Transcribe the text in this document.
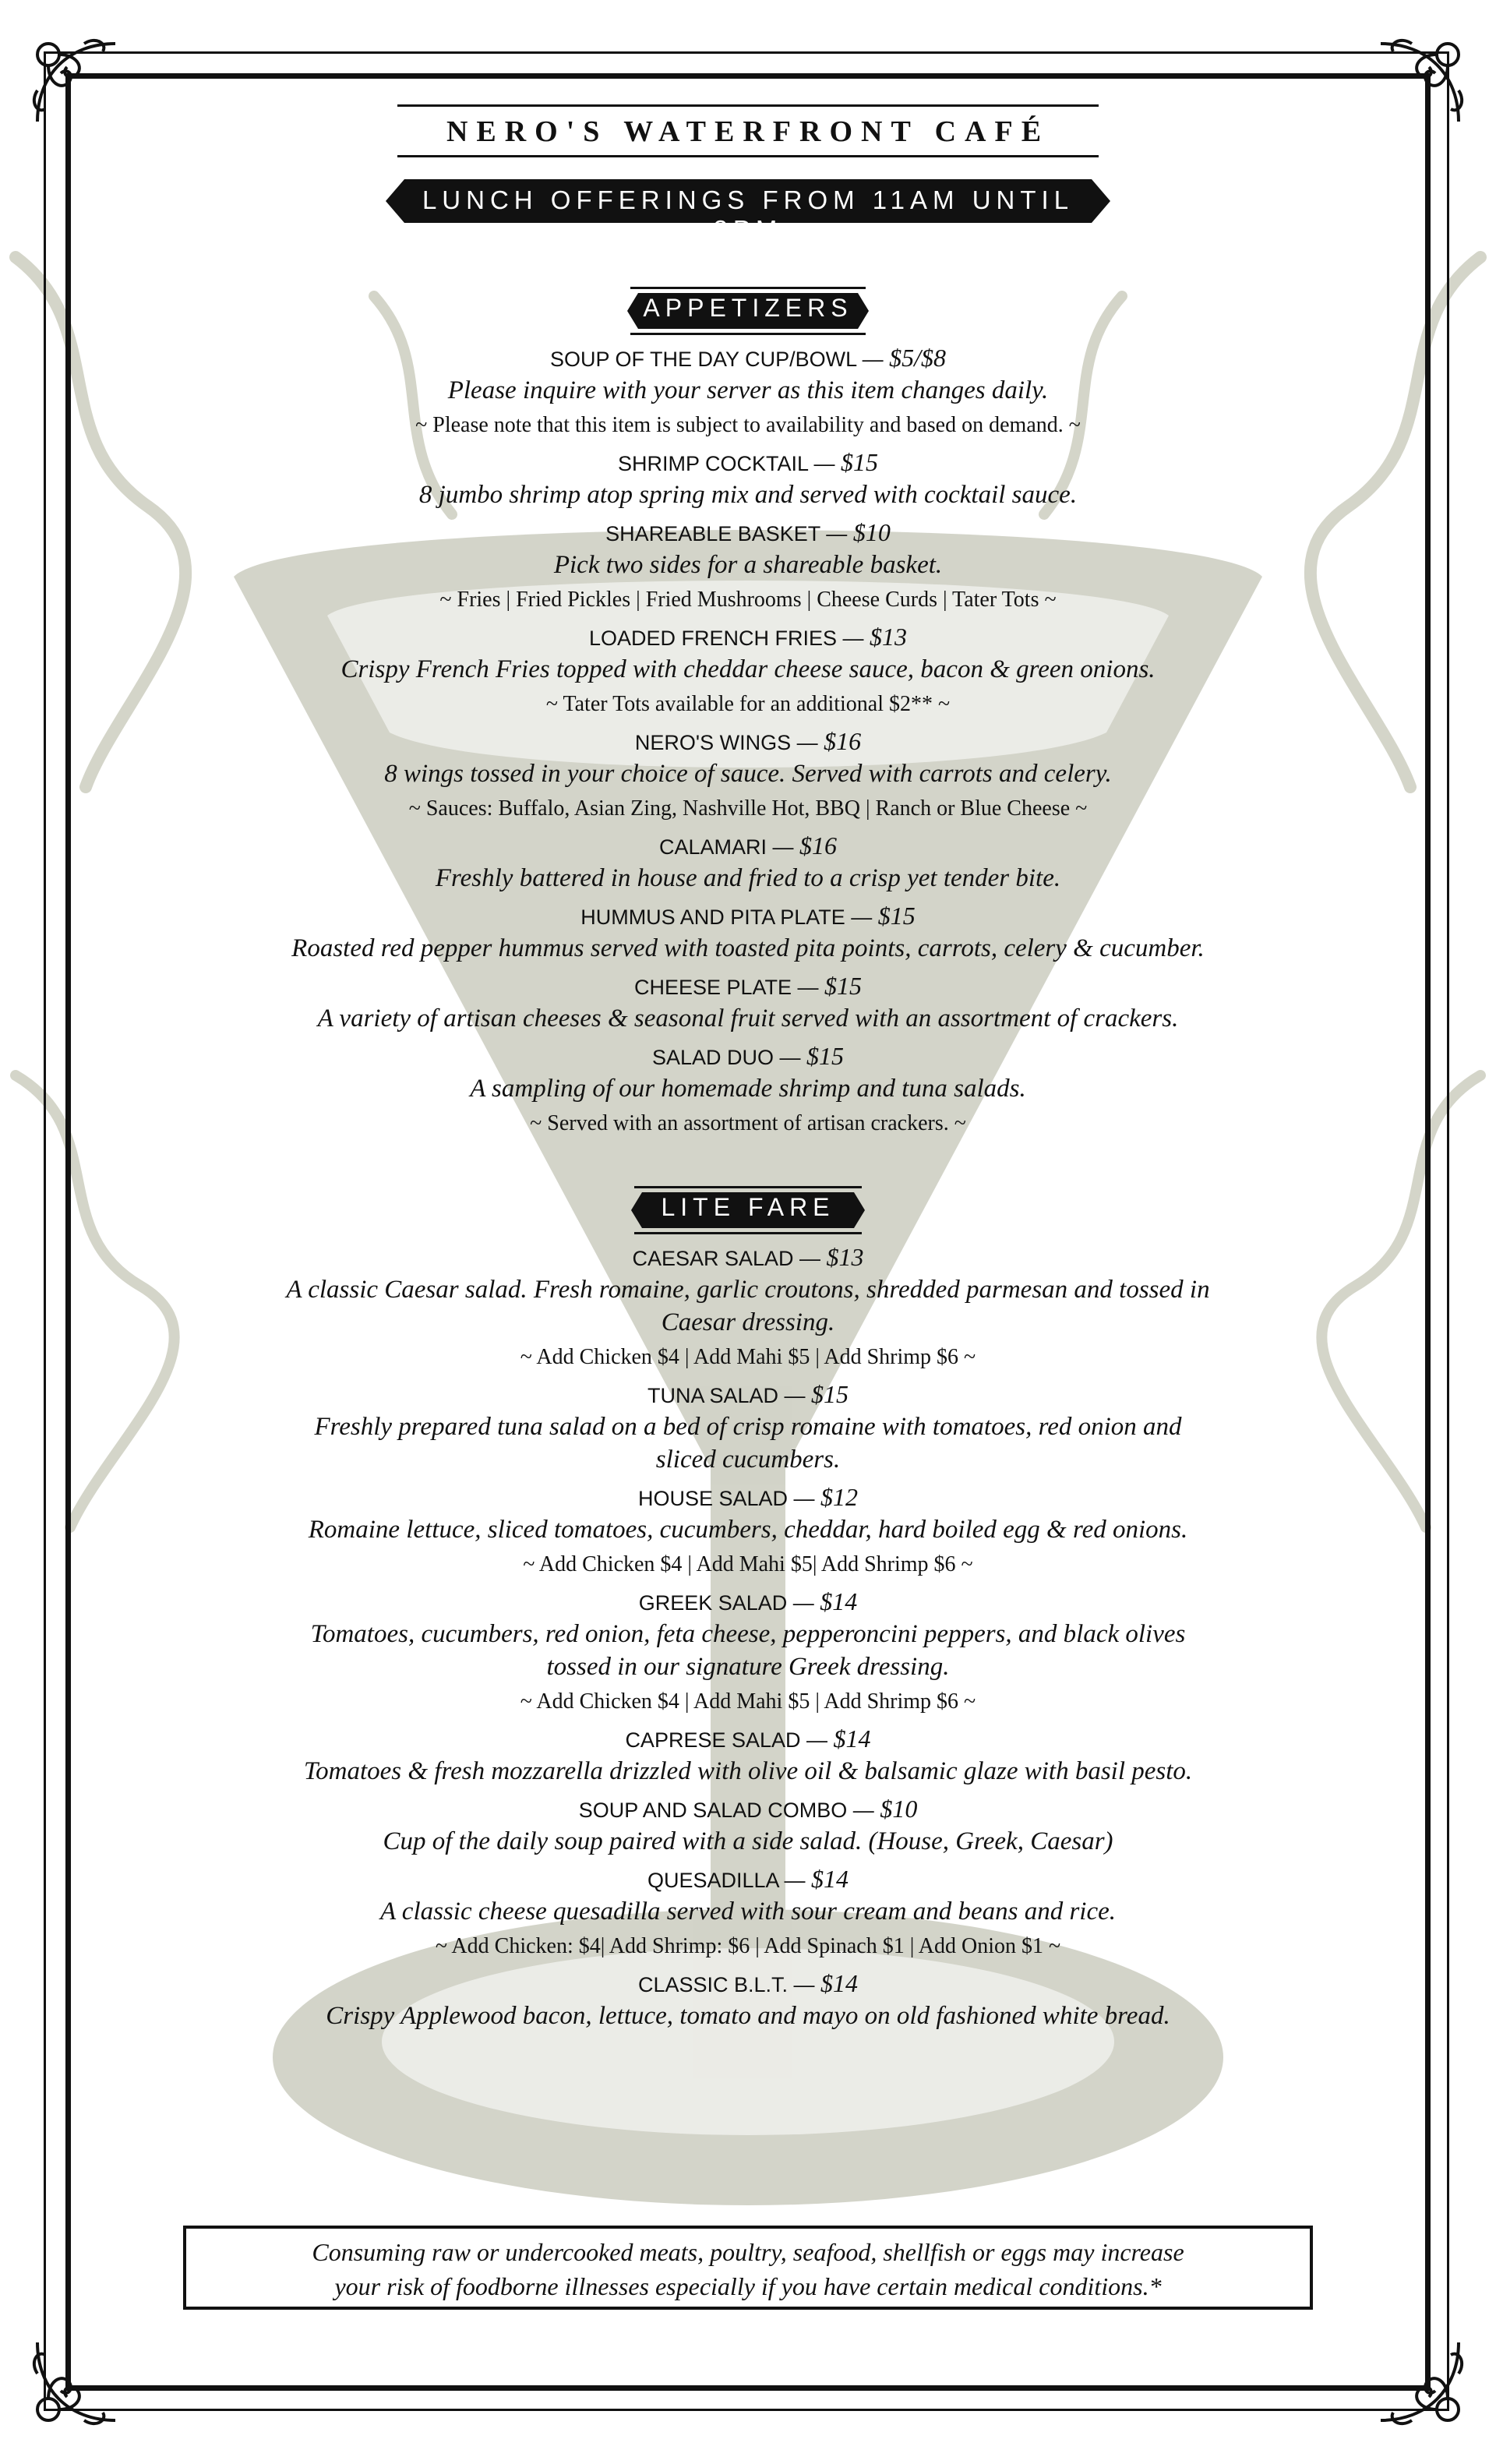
NERO'S WATERFRONT CAFÉ
LUNCH OFFERINGS FROM 11AM UNTIL 3PM
APPETIZERS
SOUP OF THE DAY CUP/BOWL — $5/$8
Please inquire with your server as this item changes daily.
~ Please note that this item is subject to availability and based on demand. ~
SHRIMP COCKTAIL — $15
8 jumbo shrimp atop spring mix and served with cocktail sauce.
SHAREABLE BASKET — $10
Pick two sides for a shareable basket.
~ Fries | Fried Pickles | Fried Mushrooms | Cheese Curds | Tater Tots ~
LOADED FRENCH FRIES — $13
Crispy French Fries topped with cheddar cheese sauce, bacon & green onions.
~ Tater Tots available for an additional $2** ~
NERO'S WINGS — $16
8 wings tossed in your choice of sauce. Served with carrots and celery.
~ Sauces: Buffalo, Asian Zing, Nashville Hot, BBQ | Ranch or Blue Cheese ~
CALAMARI — $16
Freshly battered in house and fried to a crisp yet tender bite.
HUMMUS AND PITA PLATE — $15
Roasted red pepper hummus served with toasted pita points, carrots, celery & cucumber.
CHEESE PLATE — $15
A variety of artisan cheeses & seasonal fruit served with an assortment of crackers.
SALAD DUO — $15
A sampling of our homemade shrimp and tuna salads.
~ Served with an assortment of artisan crackers. ~
LITE FARE
CAESAR SALAD — $13
A classic Caesar salad. Fresh romaine, garlic croutons, shredded parmesan and tossed in
Caesar dressing.
~ Add Chicken $4 | Add Mahi $5 | Add Shrimp $6 ~
TUNA SALAD — $15
Freshly prepared tuna salad on a bed of crisp romaine with tomatoes, red onion and
sliced cucumbers.
HOUSE SALAD — $12
Romaine lettuce, sliced tomatoes, cucumbers, cheddar, hard boiled egg & red onions.
~ Add Chicken $4 | Add Mahi $5| Add Shrimp $6 ~
GREEK SALAD — $14
Tomatoes, cucumbers, red onion, feta cheese, pepperoncini peppers, and black olives
tossed in our signature Greek dressing.
~ Add Chicken $4 | Add Mahi $5 | Add Shrimp $6 ~
CAPRESE SALAD — $14
Tomatoes & fresh mozzarella drizzled with olive oil & balsamic glaze with basil pesto.
SOUP AND SALAD COMBO — $10
Cup of the daily soup paired with a side salad. (House, Greek, Caesar)
QUESADILLA — $14
A classic cheese quesadilla served with sour cream and beans and rice.
~ Add Chicken: $4| Add Shrimp: $6 | Add Spinach $1 | Add Onion $1 ~
CLASSIC B.L.T. — $14
Crispy Applewood bacon, lettuce, tomato and mayo on old fashioned white bread.
Consuming raw or undercooked meats, poultry, seafood, shellfish or eggs may increase
your risk of foodborne illnesses especially if you have certain medical conditions.*
